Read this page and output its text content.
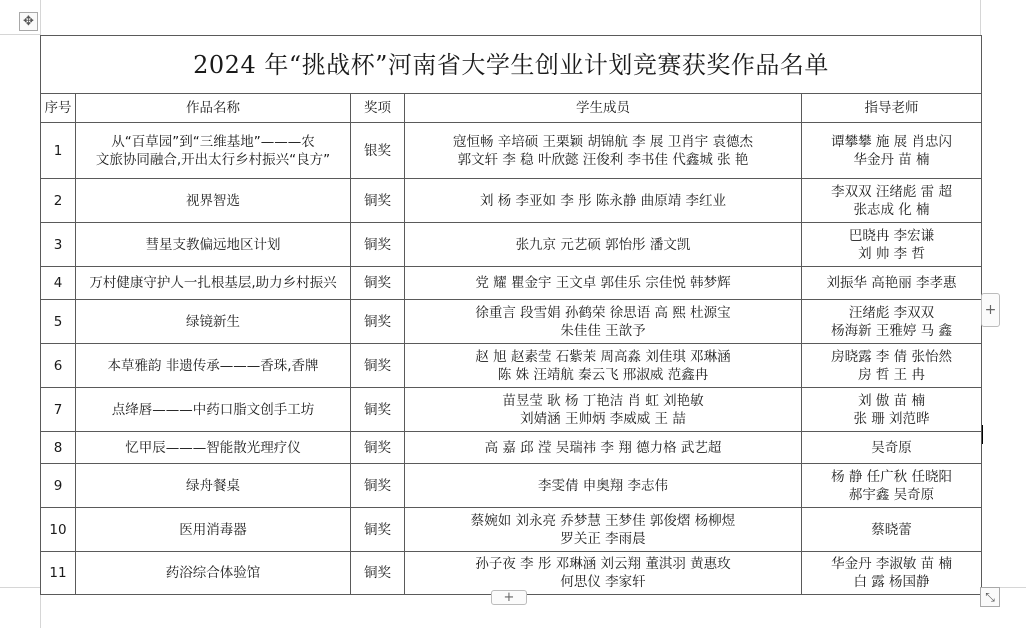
✥
2024 年“挑战杯”河南省大学生创业计划竞赛获奖作品名单				
序号	作品名称	奖项	学生成员	指导老师
1	从“百草园”到“三维基地”———农
文旅协同融合,开出太行乡村振兴“良方”	银奖	寇恒畅 辛培硕 王栗颖 胡锦航 李 展 卫肖宇 袁德杰
郭文轩 李 稳 叶欣懿 汪俊利 李书佳 代鑫城 张 艳	谭攀攀 施 展 肖忠闪
华金丹 苗 楠

2	视界智选	铜奖	刘 杨 李亚如 李 彤 陈永静 曲原靖 李红业	李双双 汪绪彪 雷 超
张志成 化 楠

3	彗星支教偏远地区计划	铜奖	张九京 元艺硕 郭怡彤 潘文凯	巴晓冉 李宏谦
刘 帅 李 哲

4	万村健康守护人一扎根基层,助力乡村振兴	铜奖	党 耀 瞿金宇 王文卓 郭佳乐 宗佳悦 韩梦辉	刘振华 高艳丽 李孝惠

5	绿镜新生	铜奖	徐重言 段雪娟 孙鹤荣 徐思语 高 熙 杜源宝
朱佳佳 王歆予	汪绪彪 李双双
杨海新 王雅婷 马 鑫

6	本草雅韵 非遗传承———香珠,香牌	铜奖	赵 旭 赵素莹 石紫茉 周高淼 刘佳琪 邓琳涵
陈 姝 汪靖航 秦云飞 邢淑威 范鑫冉	房晓露 李 倩 张怡然
房 哲 王 冉

7	点绛唇———中药口脂文创手工坊	铜奖	苗昱莹 耿 杨 丁艳洁 肖 虹 刘艳敏
刘婧涵 王帅炳 李威威 王 喆	刘 傲 苗 楠
张 珊 刘范晔

8	忆甲辰———智能散光理疗仪	铜奖	高 嘉 邱 滢 吴瑞祎 李 翔 德力格 武艺超	吴奇原

9	绿舟餐桌	铜奖	李雯倩 申奥翔 李志伟	杨 静 任广秋 任晓阳
郝宇鑫 吴奇原

10	医用消毒器	铜奖	蔡婉如 刘永亮 乔梦慧 王梦佳 郭俊熠 杨柳煜
罗关正 李雨晨	蔡晓蕾

11	药浴综合体验馆	铜奖	孙子夜 李 彤 邓琳涵 刘云翔 董淇羽 黄惠玫
何思仪 李家轩	华金丹 李淑敏 苗 楠
白 露 杨国静
+
+	⤡
